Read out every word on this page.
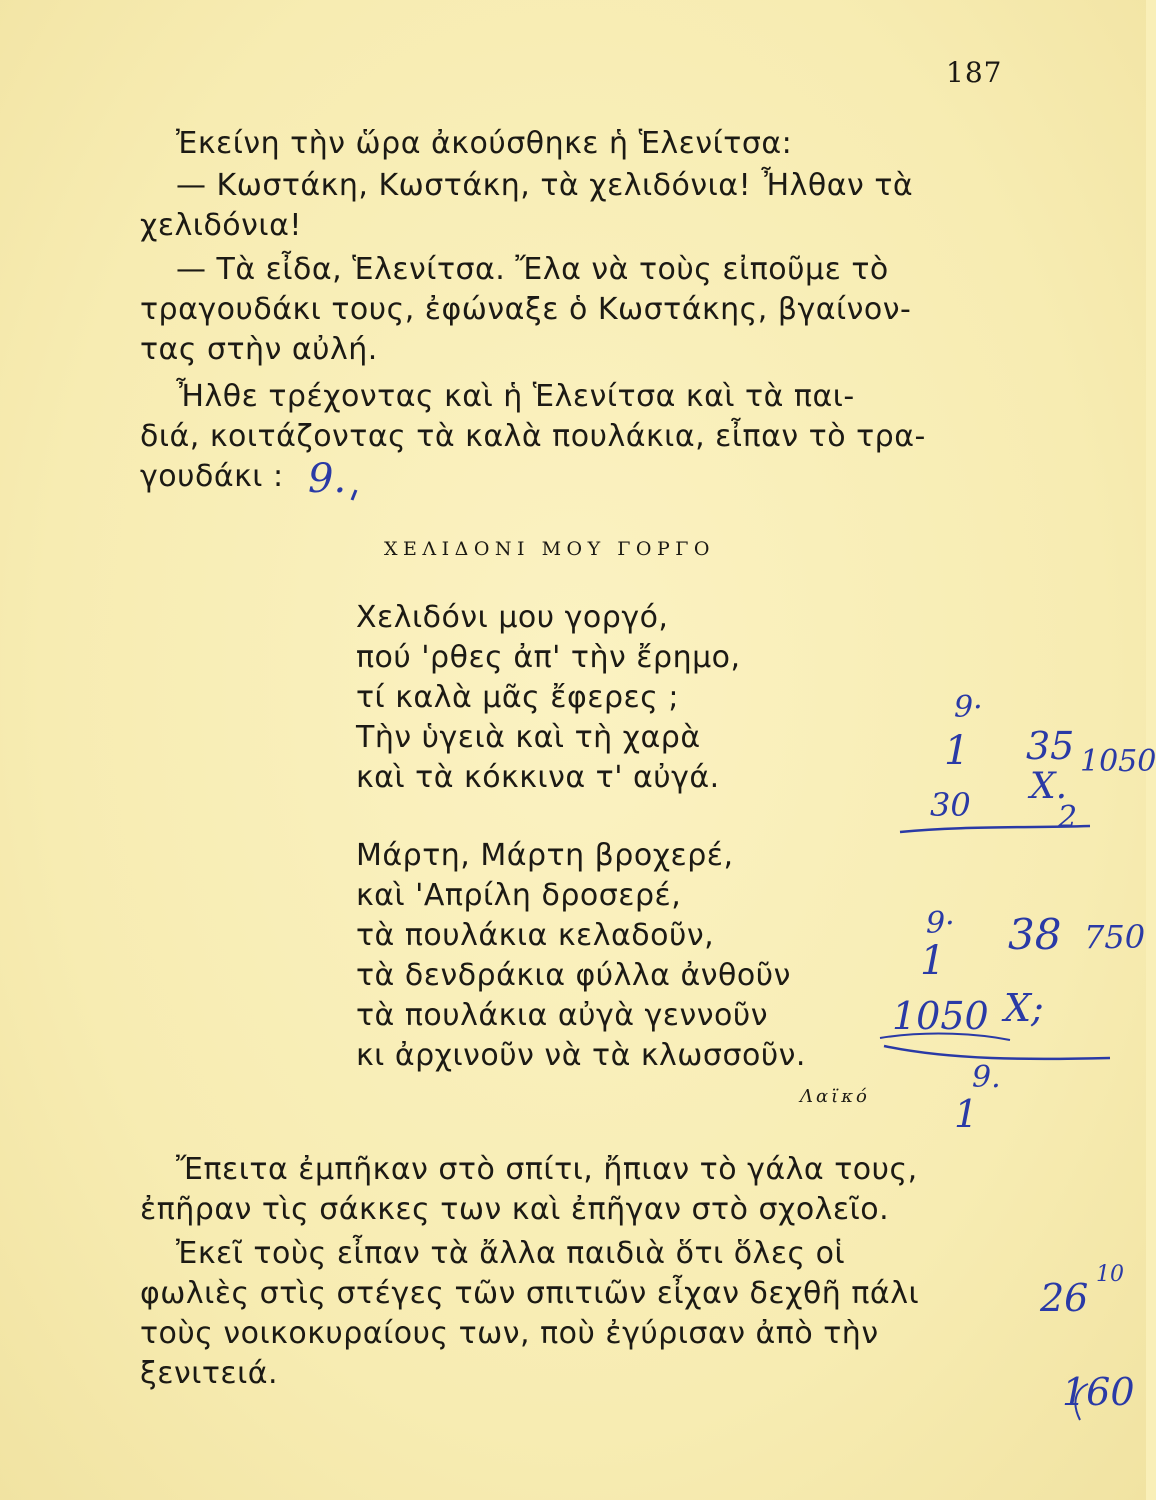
187
Ἐκείνη τὴν ὥρα ἀκούσθηκε ἡ Ἑλενίτσα:
— Κωστάκη, Κωστάκη, τὰ χελιδόνια! Ἦλθαν τὰ
χελιδόνια!
— Τὰ εἶδα, Ἑλενίτσα. Ἔλα νὰ τοὺς εἰποῦμε τὸ
τραγουδάκι τους, ἐφώναξε ὁ Κωστάκης, βγαίνον-
τας στὴν αὐλή.
Ἦλθε τρέχοντας καὶ ἡ Ἑλενίτσα καὶ τὰ παι-
διά, κοιτάζοντας τὰ καλὰ πουλάκια, εἶπαν τὸ τρα-
γουδάκι :
ΧΕΛΙΔΟΝΙ ΜΟΥ ΓΟΡΓΟ
Χελιδόνι μου γοργό,
πού 'ρθες ἀπ' τὴν ἔρημο,
τί καλὰ μᾶς ἔφερες ;
Τὴν ὑγειὰ καὶ τὴ χαρὰ
καὶ τὰ κόκκινα τ' αὐγά.
Μάρτη, Μάρτη βροχερέ,
καὶ 'Απρίλη δροσερέ,
τὰ πουλάκια κελαδοῦν,
τὰ δενδράκια φύλλα ἀνθοῦν
τὰ πουλάκια αὐγὰ γεννοῦν
κι ἀρχινοῦν νὰ τὰ κλωσσοῦν.
Λαϊκό
Ἔπειτα ἐμπῆκαν στὸ σπίτι, ἤπιαν τὸ γάλα τους,
ἐπῆραν τὶς σάκκες των καὶ ἐπῆγαν στὸ σχολεῖο.
Ἐκεῖ τοὺς εἶπαν τὰ ἄλλα παιδιὰ ὅτι ὅλες οἱ
φωλιὲς στὶς στέγες τῶν σπιτιῶν εἶχαν δεχθῆ πάλι
τοὺς νοικοκυραίους των, ποὺ ἐγύρισαν ἀπὸ τὴν
ξενιτειά.
9.
9·
1 35
X.
1050
30	2
9·
1
38 750
1050 X;
9.
1
26
10
160
